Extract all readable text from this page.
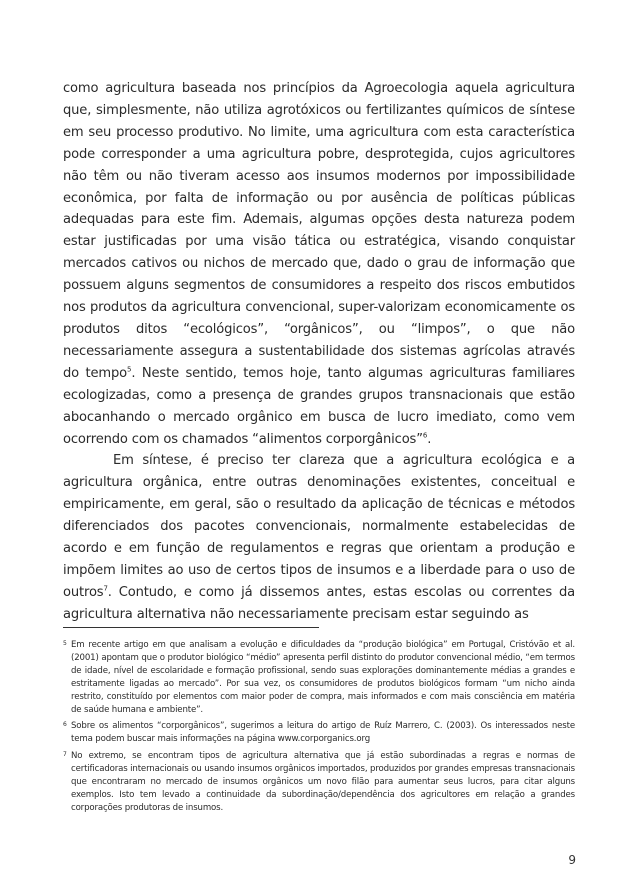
como agricultura baseada nos princípios da Agroecologia aquela agricultura que, simplesmente, não utiliza agrotóxicos ou fertilizantes químicos de síntese em seu processo produtivo. No limite, uma agricultura com esta característica pode corresponder a uma agricultura pobre, desprotegida, cujos agricultores não têm ou não tiveram acesso aos insumos modernos por impossibilidade econômica, por falta de informação ou por ausência de políticas públicas adequadas para este fim. Ademais, algumas opções desta natureza podem estar justificadas por uma visão tática ou estratégica, visando conquistar mercados cativos ou nichos de mercado que, dado o grau de informação que possuem alguns segmentos de consumidores a respeito dos riscos embutidos nos produtos da agricultura convencional, super-valorizam economicamente os produtos ditos “ecológicos”, “orgânicos”, ou “limpos”, o que não necessariamente assegura a sustentabilidade dos sistemas agrícolas através do tempo$^5$. Neste sentido, temos hoje, tanto algumas agriculturas familiares ecologizadas, como a presença de grandes grupos transnacionais que estão abocanhando o mercado orgânico em busca de lucro imediato, como vem ocorrendo com os chamados “alimentos corporgânicos”$^6$.

Em síntese, é preciso ter clareza que a agricultura ecológica e a agricultura orgânica, entre outras denominações existentes, conceitual e empiricamente, em geral, são o resultado da aplicação de técnicas e métodos diferenciados dos pacotes convencionais, normalmente estabelecidas de acordo e em função de regulamentos e regras que orientam a produção e impõem limites ao uso de certos tipos de insumos e a liberdade para o uso de outros$^7$. Contudo, e como já dissemos antes, estas escolas ou correntes da agricultura alternativa não necessariamente precisam estar seguindo as

5 Em recente artigo em que analisam a evolução e dificuldades da “produção biológica” em Portugal, Cristóvão et al. (2001) apontam que o produtor biológico “médio” apresenta perfil distinto do produtor convencional médio, “em termos de idade, nível de escolaridade e formação profissional, sendo suas explorações dominantemente médias a grandes e estritamente ligadas ao mercado”. Por sua vez, os consumidores de produtos biológicos formam “um nicho ainda restrito, constituído por elementos com maior poder de compra, mais informados e com mais consciência em matéria de saúde humana e ambiente”.
6 Sobre os alimentos “corporgânicos”, sugerimos a leitura do artigo de Ruíz Marrero, C. (2003). Os interessados neste tema podem buscar mais informações na página www.corporganics.org
7 No extremo, se encontram tipos de agricultura alternativa que já estão subordinadas a regras e normas de certificadoras internacionais ou usando insumos orgânicos importados, produzidos por grandes empresas transnacionais que encontraram no mercado de insumos orgânicos um novo filão para aumentar seus lucros, para citar alguns exemplos. Isto tem levado a continuidade da subordinação/dependência dos agricultores em relação a grandes corporações produtoras de insumos.
9
